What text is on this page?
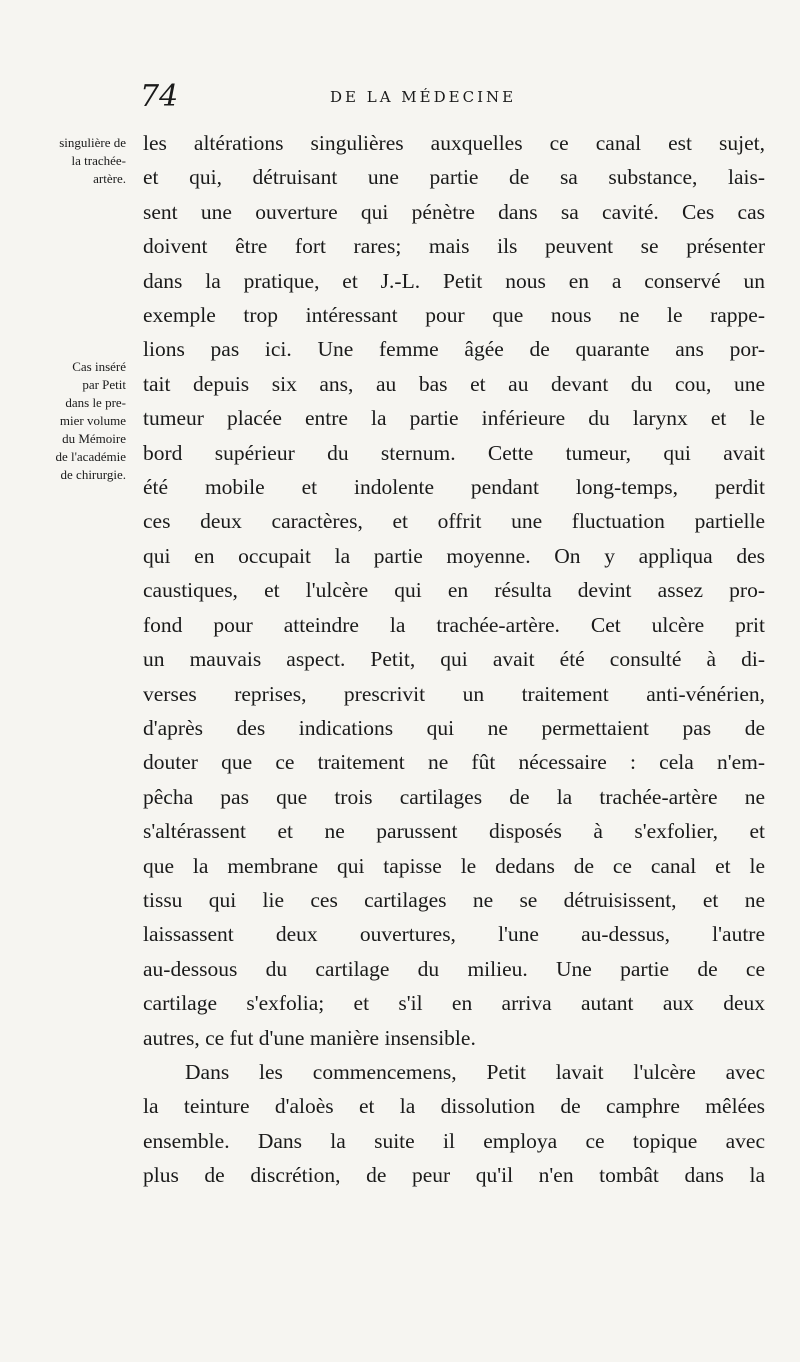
74	DE LA MÉDECINE
singulière de
la trachée-
artère.
Cas inséré
par Petit
dans le pre-
mier volume
du Mémoire
de l'académie
de chirurgie.

les altérations singulières auxquelles ce canal est sujet,
et qui, détruisant une partie de sa substance, lais-
sent une ouverture qui pénètre dans sa cavité. Ces cas
doivent être fort rares; mais ils peuvent se présenter
dans la pratique, et J.-L. Petit nous en a conservé un
exemple trop intéressant pour que nous ne le rappe-
lions pas ici. Une femme âgée de quarante ans por-
tait depuis six ans, au bas et au devant du cou, une
tumeur placée entre la partie inférieure du larynx et le
bord supérieur du sternum. Cette tumeur, qui avait
été mobile et indolente pendant long-temps, perdit
ces deux caractères, et offrit une fluctuation partielle
qui en occupait la partie moyenne. On y appliqua des
caustiques, et l'ulcère qui en résulta devint assez pro-
fond pour atteindre la trachée-artère. Cet ulcère prit
un mauvais aspect. Petit, qui avait été consulté à di-
verses reprises, prescrivit un traitement anti-vénérien,
d'après des indications qui ne permettaient pas de
douter que ce traitement ne fût nécessaire : cela n'em-
pêcha pas que trois cartilages de la trachée-artère ne
s'altérassent et ne parussent disposés à s'exfolier, et
que la membrane qui tapisse le dedans de ce canal et le
tissu qui lie ces cartilages ne se détruisissent, et ne
laissassent deux ouvertures, l'une au-dessus, l'autre
au-dessous du cartilage du milieu. Une partie de ce
cartilage s'exfolia; et s'il en arriva autant aux deux
autres, ce fut d'une manière insensible.

Dans les commencemens, Petit lavait l'ulcère avec
la teinture d'aloès et la dissolution de camphre mêlées
ensemble. Dans la suite il employa ce topique avec
plus de discrétion, de peur qu'il n'en tombât dans la
